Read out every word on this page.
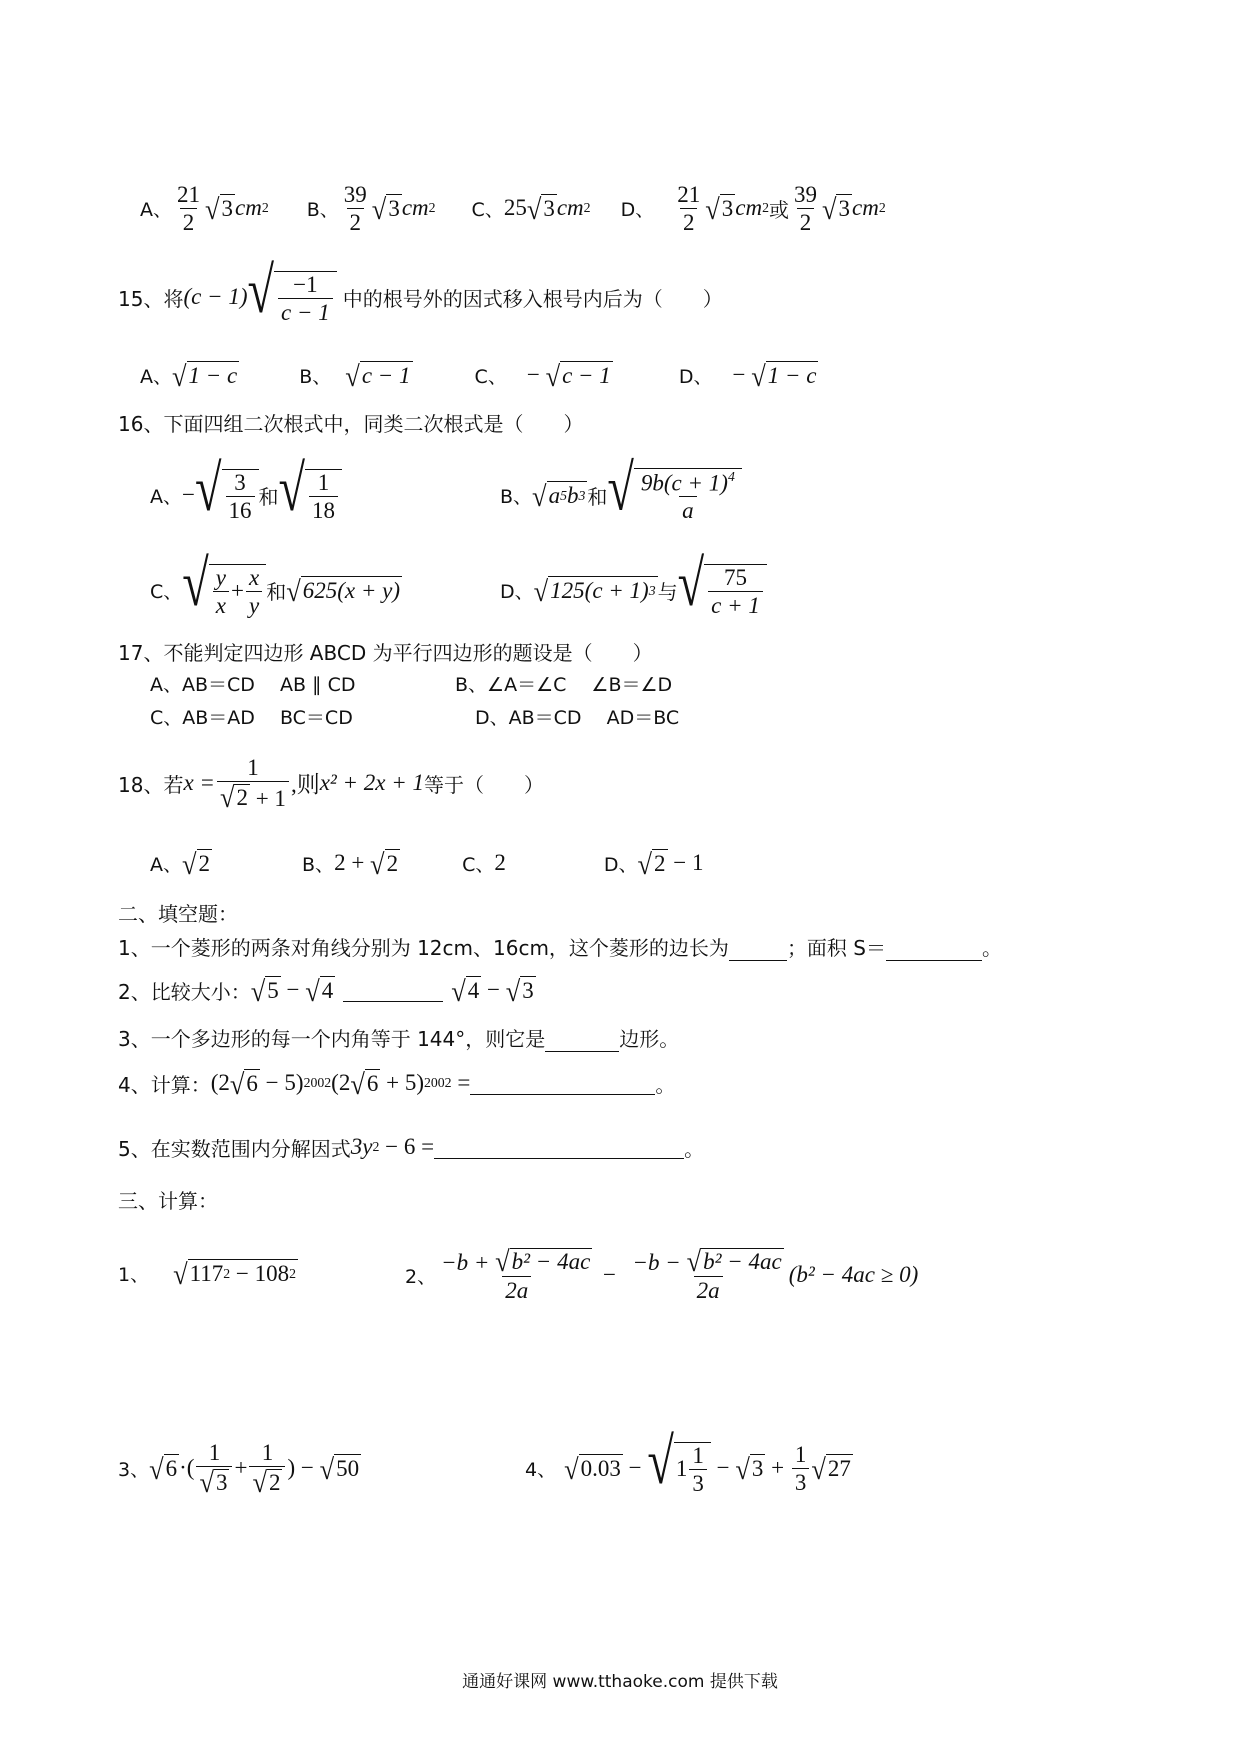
A、 $\frac{21}{2}$ √ 3 cm 2 B、 $\frac{39}{2}$ √ 3 cm 2 C、 25 √ 3 cm 2 D、 $\frac{21}{2}$ √ 3 cm 2 或 $\frac{39}{2}$ √ 3 cm 2
15、将 (c − 1) √ $\frac{-1}{c - 1}$ 中的根号外的因式移入根号内后为（　　）
A、 √ 1 − c	B、 √ c − 1	C、 −
√ c − 1	D、 −
√ 1 − c
16、下面四组二次根式中，同类二次根式是（　　）
A、 − √ $\frac{3}{16}$ 和 √ $\frac{1}{18}$	B、 √ a 5 b 3 和 √ $\frac{9b(c + 1)^4}{a}$
C、 √ $\frac{y}{x} + \frac{x}{y}$ 和 √ 625(x + y)	D、 √ 125(c + 1) 3 与 √ $\frac{75}{c + 1}$
17、不能判定四边形 ABCD 为平行四边形的题设是（　　）
A、AB＝CD　 AB ∥ CD	B、∠A＝∠C　 ∠B＝∠D
C、AB＝AD　 BC＝CD	D、AB＝CD　 AD＝BC
18、若 $x = \frac{1}{√ 2 + 1}$ ,则 x² + 2x + 1 等于（　　）
A、 √ 2	B、 2 +
√ 2	C、 2	D、 √ 2
− 1
二、填空题：
1、一个菱形的两条对角线分别为 12cm、16cm，这个菱形的边长为	；面积 S＝	。
2、比较大小： √ 5
−
√ 4	√ 4
−
√ 3
3、一个多边形的每一个内角等于 144°，则它是	边形。
4、计算： (2 √ 6
− 5) 2002 (2 √ 6
+ 5) 2002
=	。
5、在实数范围内分解因式 3y 2
− 6 =	。
三、计算：
1、 √ 117 2 − 108 2	2、 $\frac{\text{−b + √ b² − 4ac}}{2a} - \frac{\text{−b − √ b² − 4ac}}{2a} (b^2 - 4ac \ge 0)$
3、 √ 6 ·( $\frac{1}{√ 3} + \frac{1}{√ 2}$ ) −
√ 50	4、 √ 0.03 − √ $1 \frac{1}{3}$ − √ $3 + \frac{1}{3}$ √ 27
通通好课网 www.tthaoke.com 提供下载
